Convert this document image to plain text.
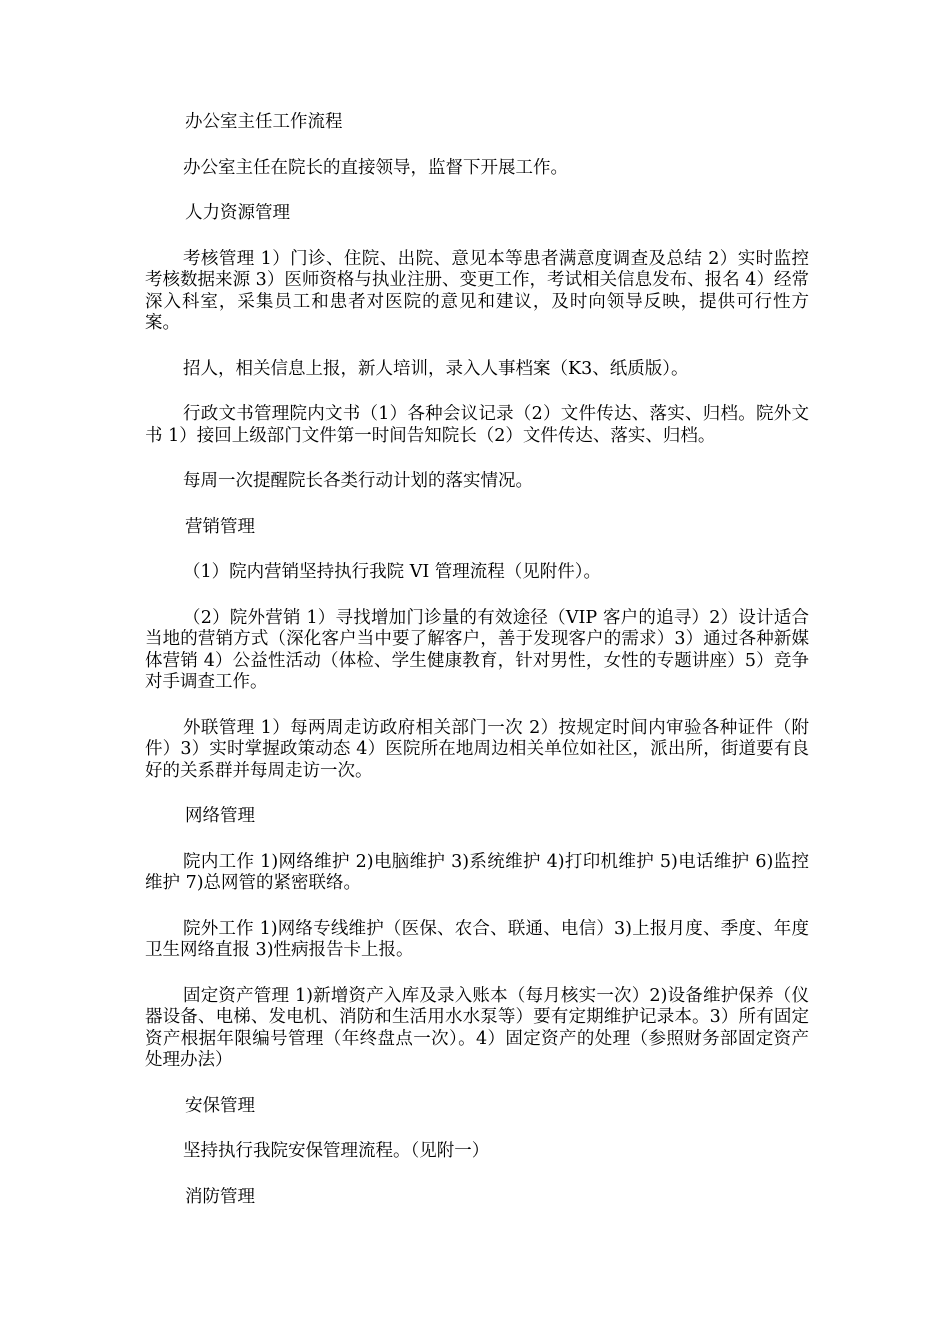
办公室主任工作流程

办公室主任在院长的直接领导，监督下开展工作。

人力资源管理

考核管理 1）门诊、住院、出院、意见本等患者满意度调查及总结 2）实时监控考核数据来源 3）医师资格与执业注册、变更工作，考试相关信息发布、报名 4）经常深入科室，采集员工和患者对医院的意见和建议，及时向领导反映，提供可行性方案。

招人，相关信息上报，新人培训，录入人事档案（K3、纸质版）。

行政文书管理院内文书（1）各种会议记录（2）文件传达、落实、归档。院外文书 1）接回上级部门文件第一时间告知院长（2）文件传达、落实、归档。

每周一次提醒院长各类行动计划的落实情况。

营销管理

（1）院内营销坚持执行我院 VI 管理流程（见附件）。

（2）院外营销 1）寻找增加门诊量的有效途径（VIP 客户的追寻）2）设计适合当地的营销方式（深化客户当中要了解客户，善于发现客户的需求）3）通过各种新媒体营销 4）公益性活动（体检、学生健康教育，针对男性，女性的专题讲座）5）竞争对手调查工作。

外联管理 1）每两周走访政府相关部门一次 2）按规定时间内审验各种证件（附件）3）实时掌握政策动态 4）医院所在地周边相关单位如社区，派出所，街道要有良好的关系群并每周走访一次。

网络管理

院内工作 1)网络维护 2)电脑维护 3)系统维护 4)打印机维护 5)电话维护 6)监控维护 7)总网管的紧密联络。

院外工作 1)网络专线维护（医保、农合、联通、电信）3)上报月度、季度、年度卫生网络直报 3)性病报告卡上报。

固定资产管理 1)新增资产入库及录入账本（每月核实一次）2)设备维护保养（仪器设备、电梯、发电机、消防和生活用水水泵等）要有定期维护记录本。3）所有固定资产根据年限编号管理（年终盘点一次）。4）固定资产的处理（参照财务部固定资产处理办法）

安保管理

坚持执行我院安保管理流程。（见附一）

消防管理
